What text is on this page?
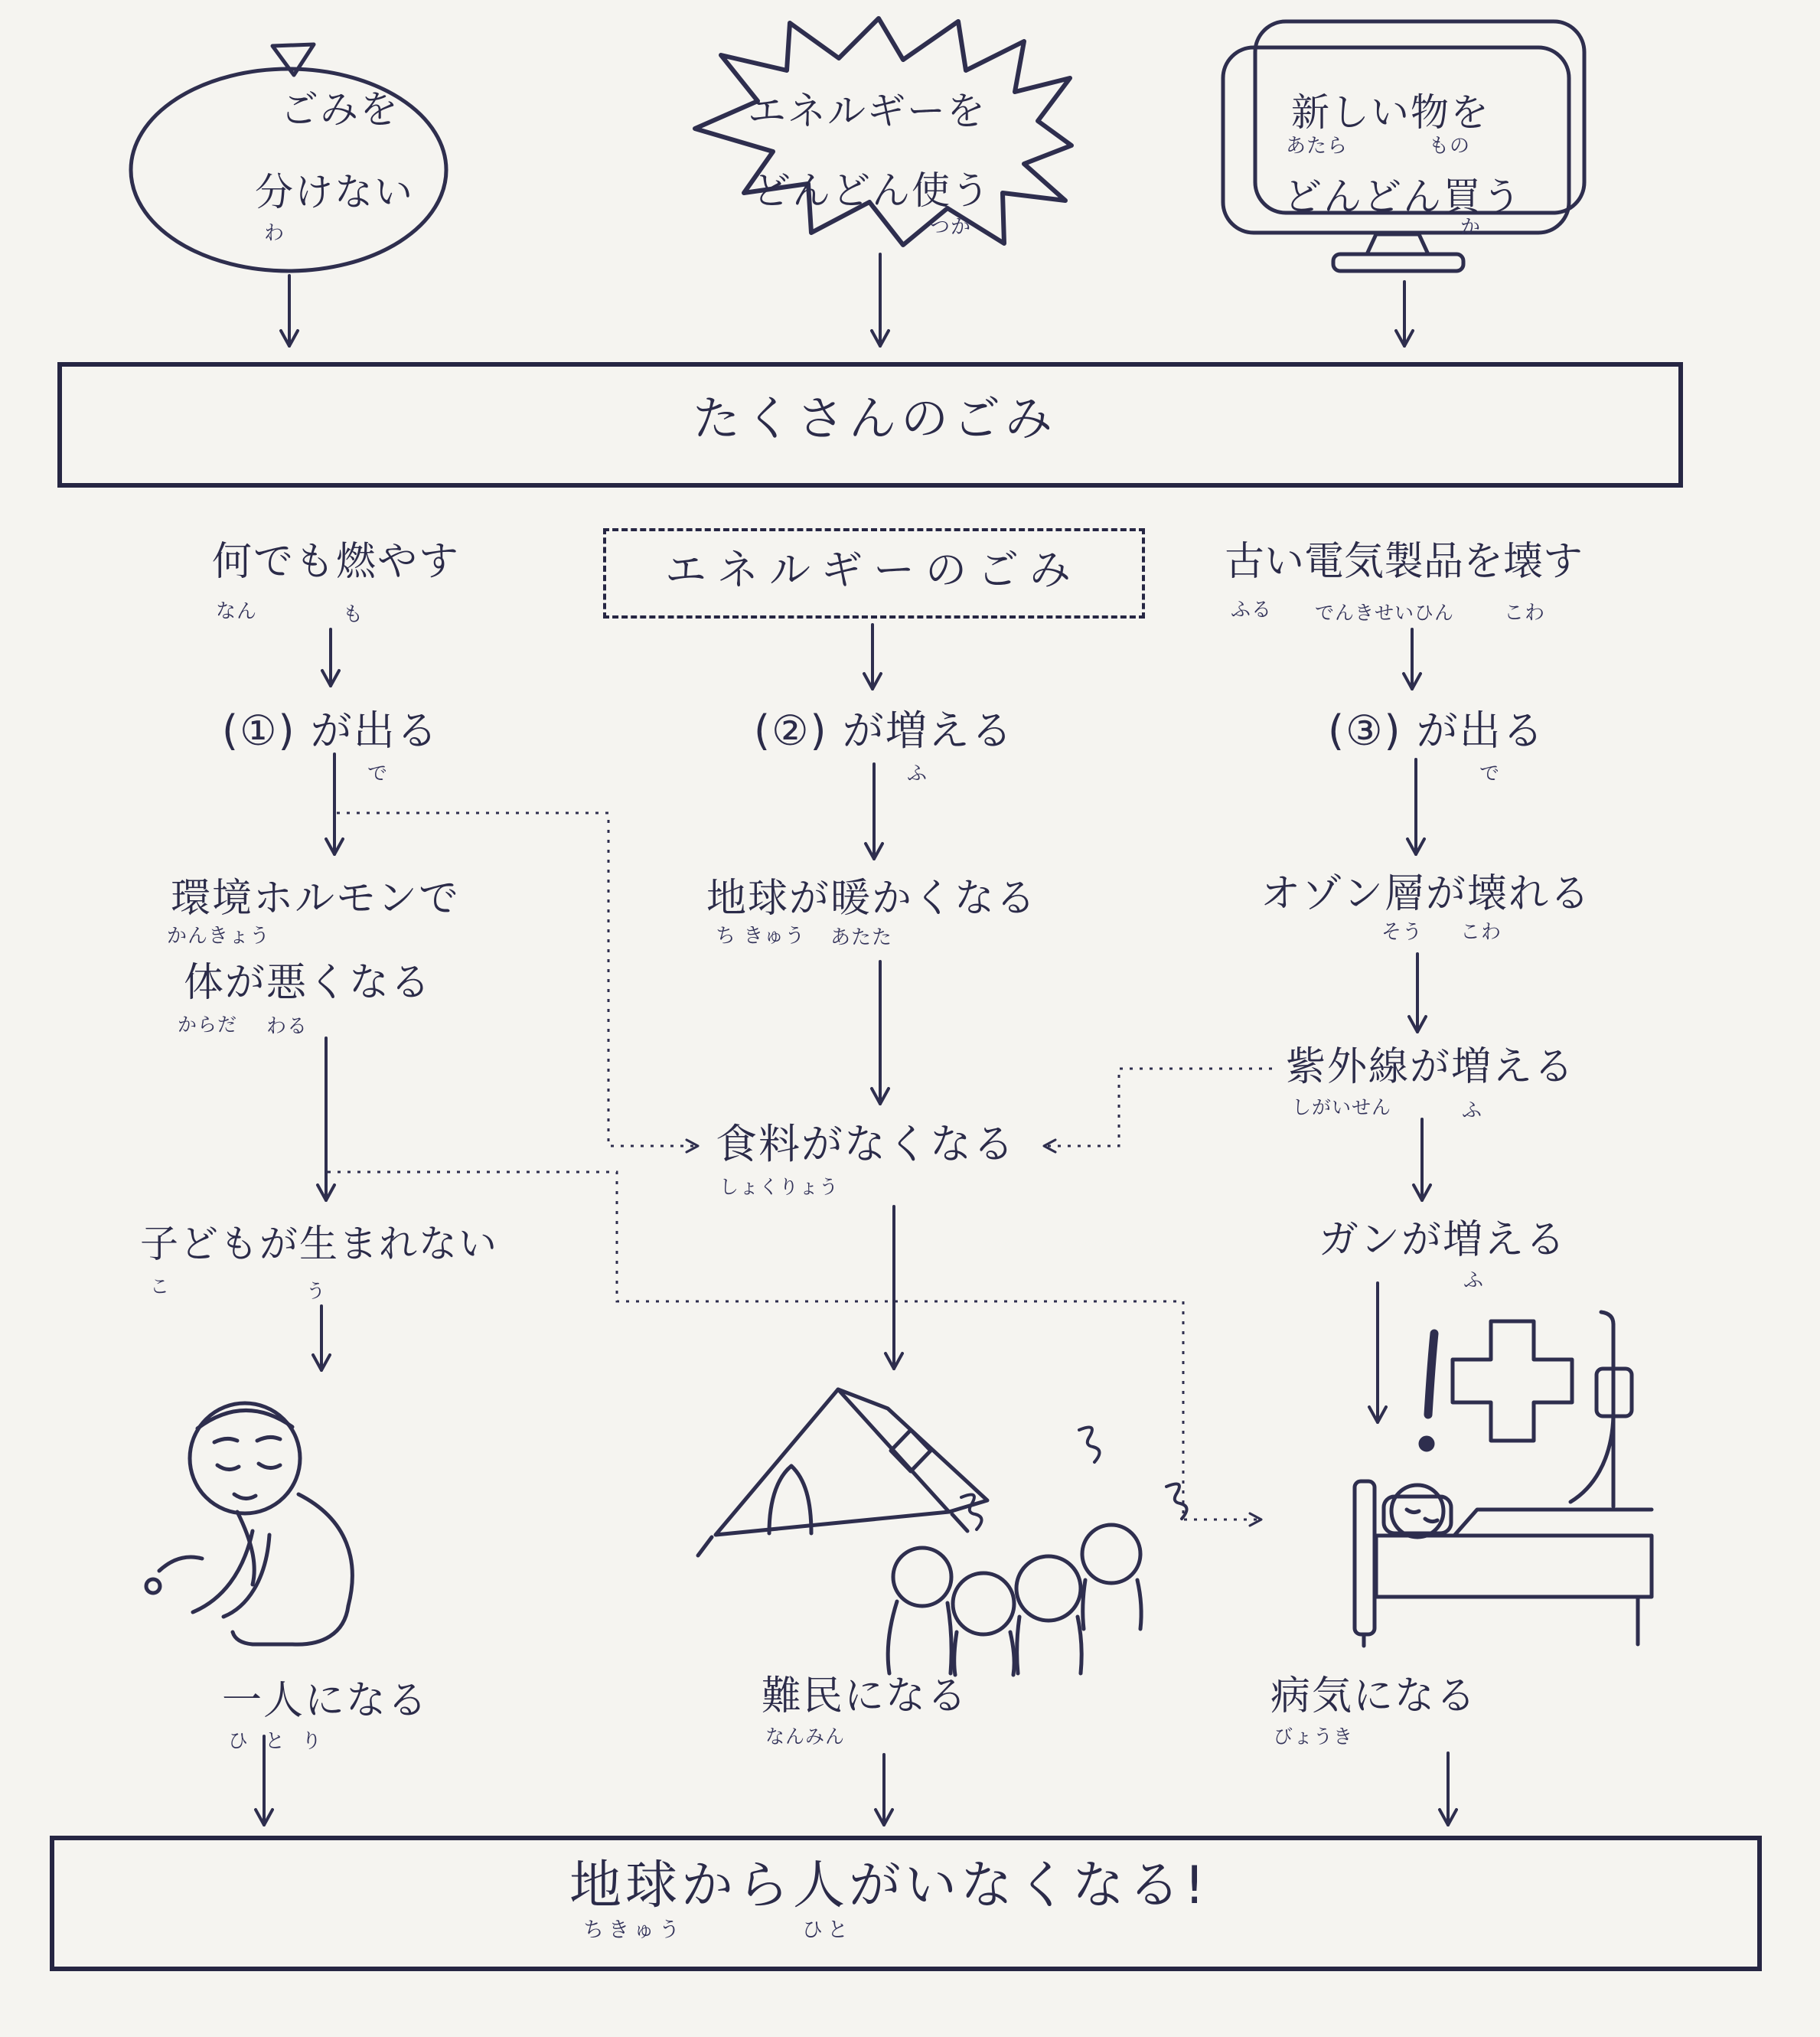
ごみを
分けない
わ
エネルギーを
どんどん使う
つか
新しい物を
あたら	もの
どんどん買う
か
たくさんのごみ
何でも燃やす
なん	も
エネルギーのごみ	古い電気製品を壊す
ふる でんきせいひん こわ
(①) が出る
で
(②) が増える
ふ
(③) が出る
で
環境ホルモンで
かんきょう
体が悪くなる
からだ わる
地球が暖かくなる
ち きゅう あたた
オゾン層が壊れる
そう こわ
紫外線が増える
しがいせん	ふ
食料がなくなる
しょくりょう
子どもが生まれない
こ	う
ガンが増える
ふ
一人になる
ひとり
難民になる
なんみん
病気になる
びょうき
地球から人がいなくなる!
ちきゅう	ひと
